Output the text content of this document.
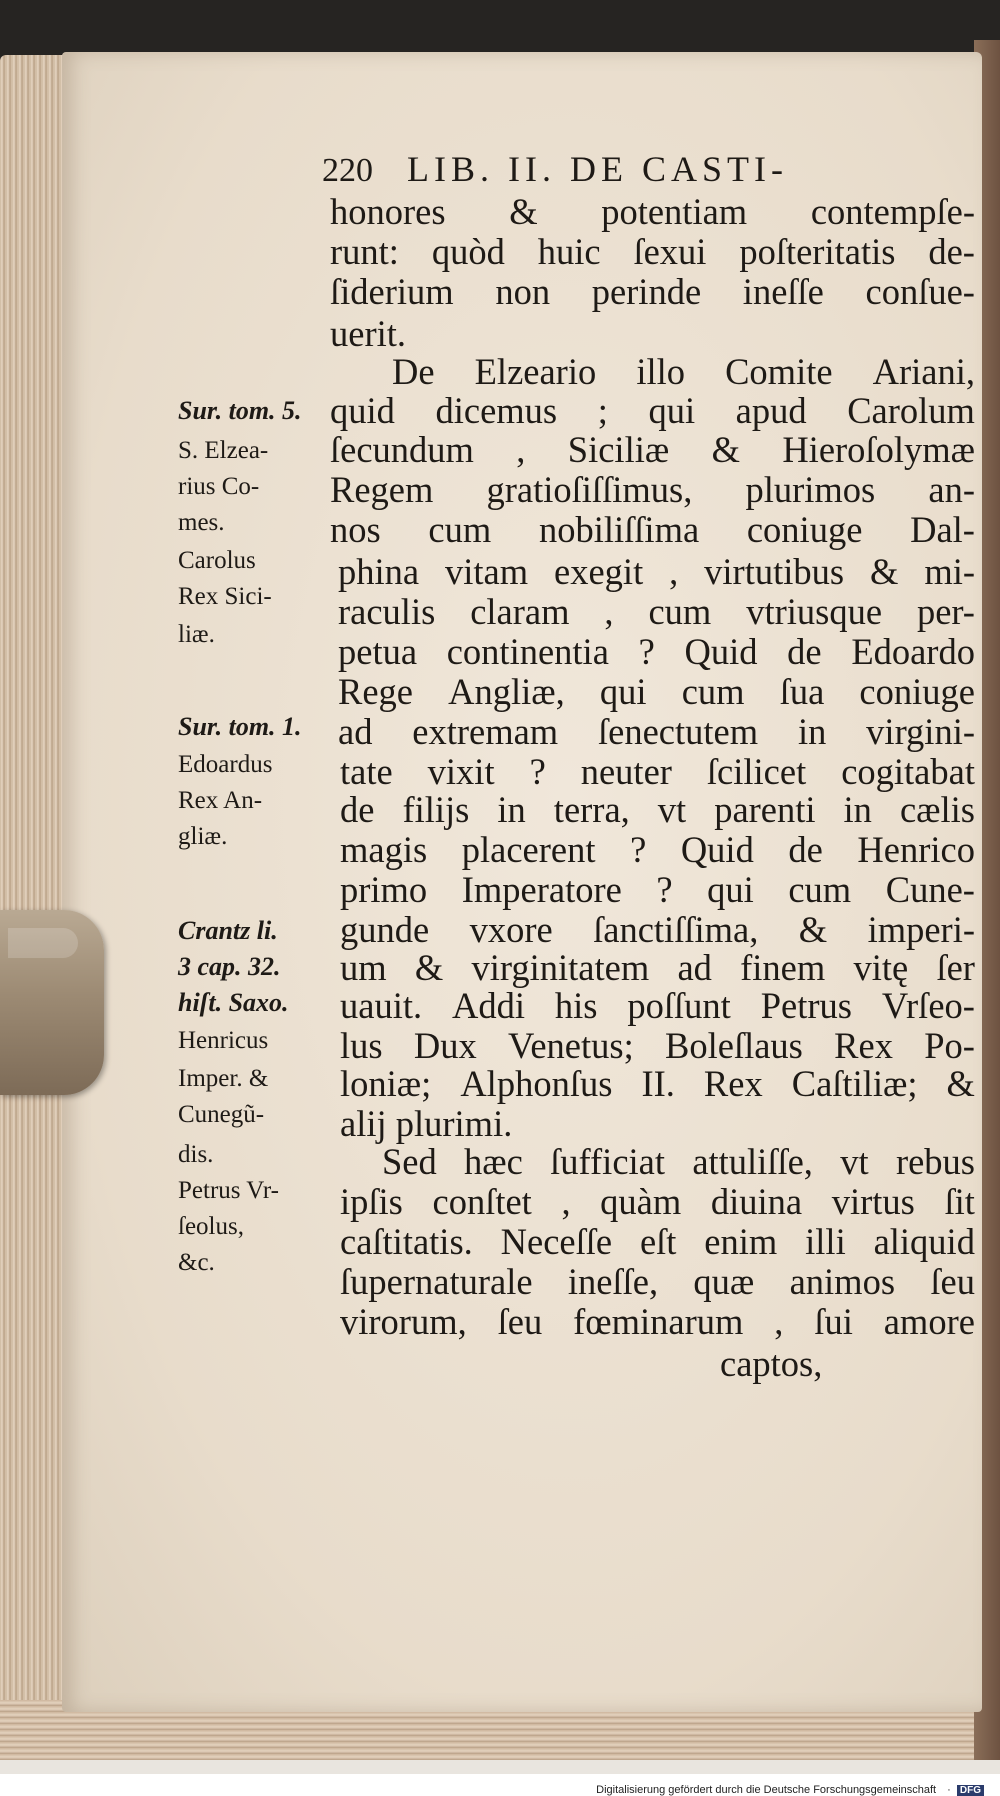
220 LIB. II. DE CASTI-
honores & potentiam contempſe-
runt: quòd huic ſexui poſteritatis de-
ſiderium non perinde ineſſe conſue-
uerit.
De Elzeario illo Comite Ariani,
quid dicemus ; qui apud Carolum
ſecundum , Siciliæ & Hieroſolymæ
Regem gratioſiſſimus, plurimos an-
nos cum nobiliſſima coniuge Dal-
phina vitam exegit , virtutibus & mi-
raculis claram , cum vtriusque per-
petua continentia ? Quid de Edoardo
Rege Angliæ, qui cum ſua coniuge
ad extremam ſenectutem in virgini-
tate vixit ? neuter ſcilicet cogitabat
de filijs in terra, vt parenti in cælis
magis placerent ? Quid de Henrico
primo Imperatore ? qui cum Cune-
gunde vxore ſanctiſſima, & imperi-
um & virginitatem ad finem vitę ſer
uauit. Addi his poſſunt Petrus Vrſeo-
lus Dux Venetus; Boleſlaus Rex Po-
loniæ; Alphonſus II. Rex Caſtiliæ; &
alij plurimi.
Sed hæc ſufficiat attuliſſe, vt rebus
ipſis conſtet , quàm diuina virtus ſit
caſtitatis. Neceſſe eſt enim illi aliquid
ſupernaturale ineſſe, quæ animos ſeu
virorum, ſeu fœminarum , ſui amore
captos,
Sur. tom. 5.
S. Elzea-
rius Co-
mes.
Carolus
Rex Sici-
liæ.
Sur. tom. 1.
Edoardus
Rex An-
gliæ.
Crantz li.
3 cap. 32.
hiſt. Saxo.
Henricus
Imper. &
Cunegũ-
dis.
Petrus Vr-
ſeolus,
&c.
Digitalisierung gefördert durch die Deutsche Forschungsgemeinschaft · DFG
